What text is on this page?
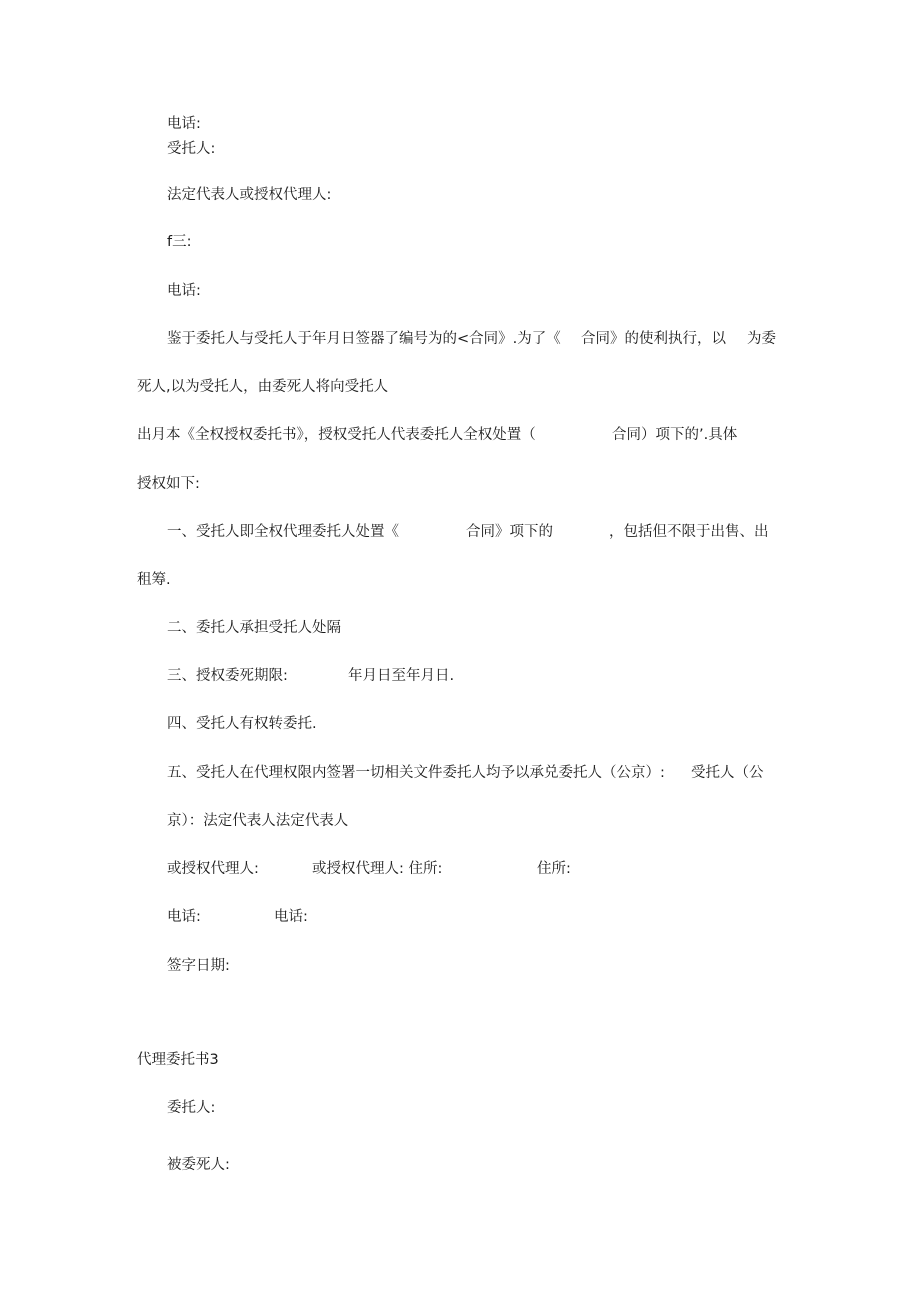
电话:
受托人:
法定代表人或授权代理人:
f三:
电话:
鉴于委托人与受托人于年月日签器了编号为的<合同》.为了《 合同》的使利执行，以 为委
死人,以为受托人，由委死人将向受托人
出月本《全权授权委托书》，授权受托人代表委托人全权处置（	合同）项下的’.具体
授权如下:
一、受托人即全权代理委托人处置《	合同》项下的	，包括但不限于出售、出
租筹.
二、委托人承担受托人处隔
三、授权委死期限:	年月日至年月日.
四、受托人有权转委托.
五、受托人在代理权限内签署一切相关文件委托人均予以承兑委托人（公京）: 受托人（公
京）：法定代表人法定代表人
或授权代理人:	或授权代理人: 住所:	住所:
电话:	电话:
签字日期:
代理委托书3
委托人:
被委死人:
